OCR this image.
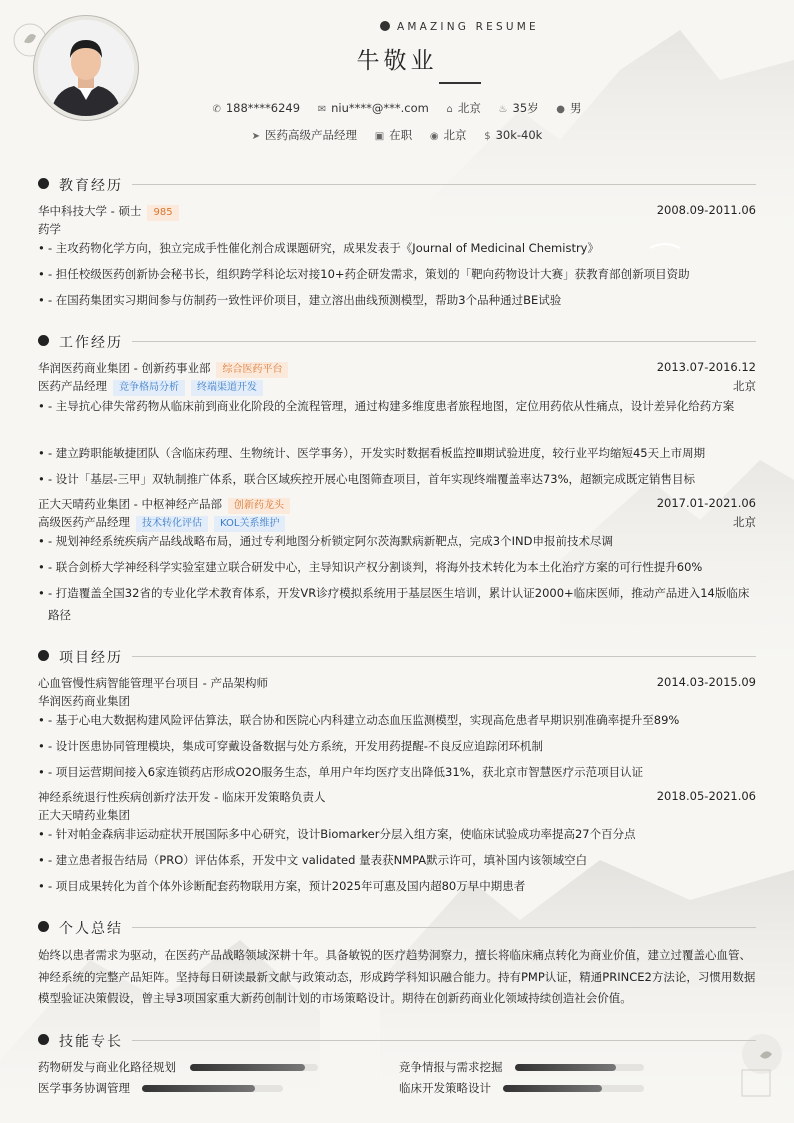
AMAZING RESUME
牛敬业
✆ 188****6249 ✉ niu****@***.com ⌂ 北京 ♨ 35岁 ● 男
➤ 医药高级产品经理 ▣ 在职 ◉ 北京 $ 30k-40k
教育经历
华中科技大学 - 硕士 985	2008.09-2011.06
药学
• - 主攻药物化学方向，独立完成手性催化剂合成课题研究，成果发表于《Journal of Medicinal Chemistry》
• - 担任校级医药创新协会秘书长，组织跨学科论坛对接10+药企研发需求，策划的「靶向药物设计大赛」获教育部创新项目资助
• - 在国药集团实习期间参与仿制药一致性评价项目，建立溶出曲线预测模型，帮助3个品种通过BE试验
工作经历
华润医药商业集团 - 创新药事业部 综合医药平台	2013.07-2016.12
医药产品经理 竞争格局分析 终端渠道开发	北京
• - 主导抗心律失常药物从临床前到商业化阶段的全流程管理，通过构建多维度患者旅程地图，定位用药依从性痛点，设计差异化给药方案
• - 建立跨职能敏捷团队（含临床药理、生物统计、医学事务），开发实时数据看板监控Ⅲ期试验进度，较行业平均缩短45天上市周期
• - 设计「基层-三甲」双轨制推广体系，联合区域疾控开展心电图筛查项目，首年实现终端覆盖率达73%，超额完成既定销售目标
正大天晴药业集团 - 中枢神经产品部 创新药龙头	2017.01-2021.06
高级医药产品经理 技术转化评估 KOL关系维护	北京
• - 规划神经系统疾病产品线战略布局，通过专利地图分析锁定阿尔茨海默病新靶点，完成3个IND申报前技术尽调
• - 联合剑桥大学神经科学实验室建立联合研发中心，主导知识产权分割谈判，将海外技术转化为本土化治疗方案的可行性提升60%
• - 打造覆盖全国32省的专业化学术教育体系，开发VR诊疗模拟系统用于基层医生培训，累计认证2000+临床医师，推动产品进入14版临床路径
项目经历
心血管慢性病智能管理平台项目 - 产品架构师	2014.03-2015.09
华润医药商业集团
• - 基于心电大数据构建风险评估算法，联合协和医院心内科建立动态血压监测模型，实现高危患者早期识别准确率提升至89%
• - 设计医患协同管理模块，集成可穿戴设备数据与处方系统，开发用药提醒-不良反应追踪闭环机制
• - 项目运营期间接入6家连锁药店形成O2O服务生态，单用户年均医疗支出降低31%，获北京市智慧医疗示范项目认证
神经系统退行性疾病创新疗法开发 - 临床开发策略负责人	2018.05-2021.06
正大天晴药业集团
• - 针对帕金森病非运动症状开展国际多中心研究，设计Biomarker分层入组方案，使临床试验成功率提高27个百分点
• - 建立患者报告结局（PRO）评估体系，开发中文 validated 量表获NMPA默示许可，填补国内该领域空白
• - 项目成果转化为首个体外诊断配套药物联用方案，预计2025年可惠及国内超80万早中期患者
个人总结
始终以患者需求为驱动，在医药产品战略领域深耕十年。具备敏锐的医疗趋势洞察力，擅长将临床痛点转化为商业价值，建立过覆盖心血管、神经系统的完整产品矩阵。坚持每日研读最新文献与政策动态，形成跨学科知识融合能力。持有PMP认证，精通PRINCE2方法论，习惯用数据模型验证决策假设，曾主导3项国家重大新药创制计划的市场策略设计。期待在创新药商业化领域持续创造社会价值。
技能专长
药物研发与商业化路径规划	竞争情报与需求挖掘
医学事务协调管理	临床开发策略设计
